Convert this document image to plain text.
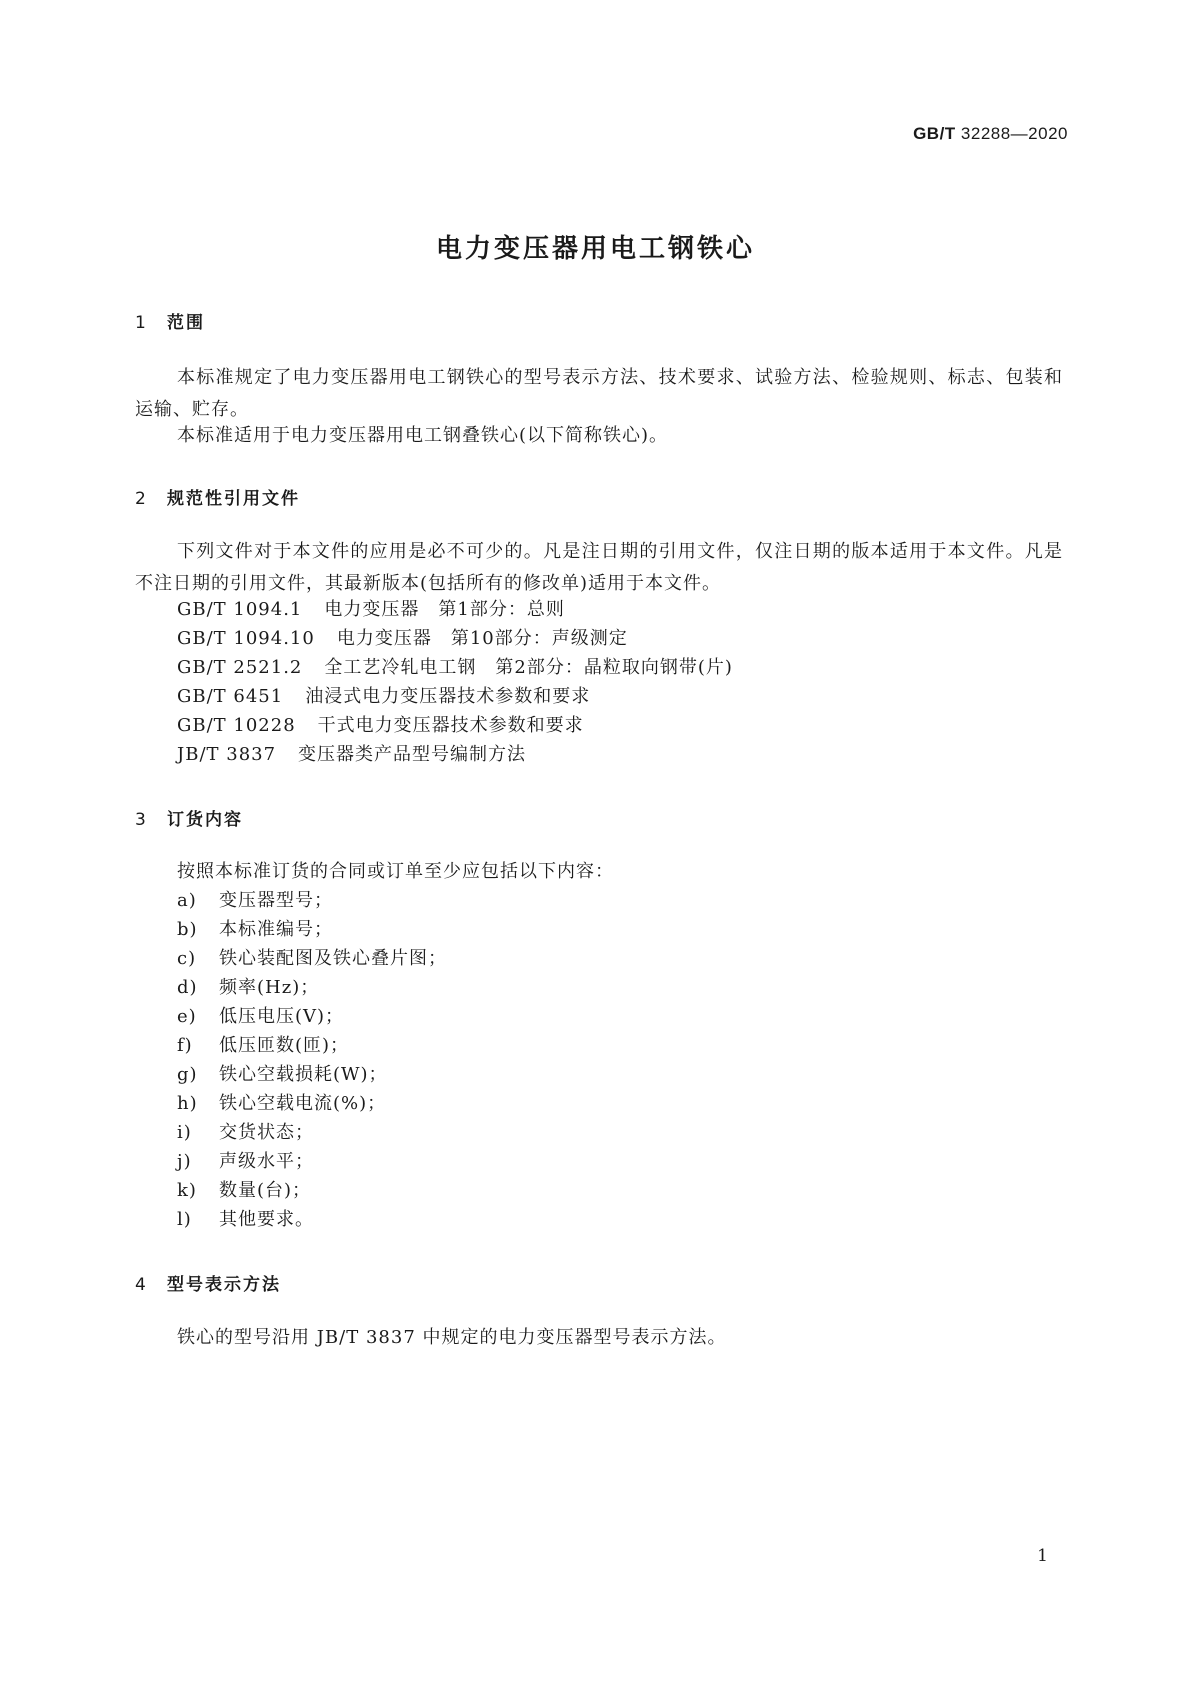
GB/T 32288—2020
电力变压器用电工钢铁心
1 范围

本标准规定了电力变压器用电工钢铁心的型号表示方法、技术要求、试验方法、检验规则、标志、包装和运输、贮存。

本标准适用于电力变压器用电工钢叠铁心(以下简称铁心)。

2 规范性引用文件

下列文件对于本文件的应用是必不可少的。凡是注日期的引用文件，仅注日期的版本适用于本文件。凡是不注日期的引用文件，其最新版本(包括所有的修改单)适用于本文件。

GB/T 1094.1 电力变压器　第1部分：总则
GB/T 1094.10 电力变压器　第10部分：声级测定
GB/T 2521.2 全工艺冷轧电工钢　第2部分：晶粒取向钢带(片)
GB/T 6451 油浸式电力变压器技术参数和要求
GB/T 10228 干式电力变压器技术参数和要求
JB/T 3837 变压器类产品型号编制方法
3 订货内容

按照本标准订货的合同或订单至少应包括以下内容：

a) 变压器型号；
b) 本标准编号；
c) 铁心装配图及铁心叠片图；
d) 频率(Hz)；
e) 低压电压(V)；
f) 低压匝数(匝)；
g) 铁心空载损耗(W)；
h) 铁心空载电流(%)；
i) 交货状态；
j) 声级水平；
k) 数量(台)；
l) 其他要求。
4 型号表示方法

铁心的型号沿用 JB/T 3837 中规定的电力变压器型号表示方法。

1
